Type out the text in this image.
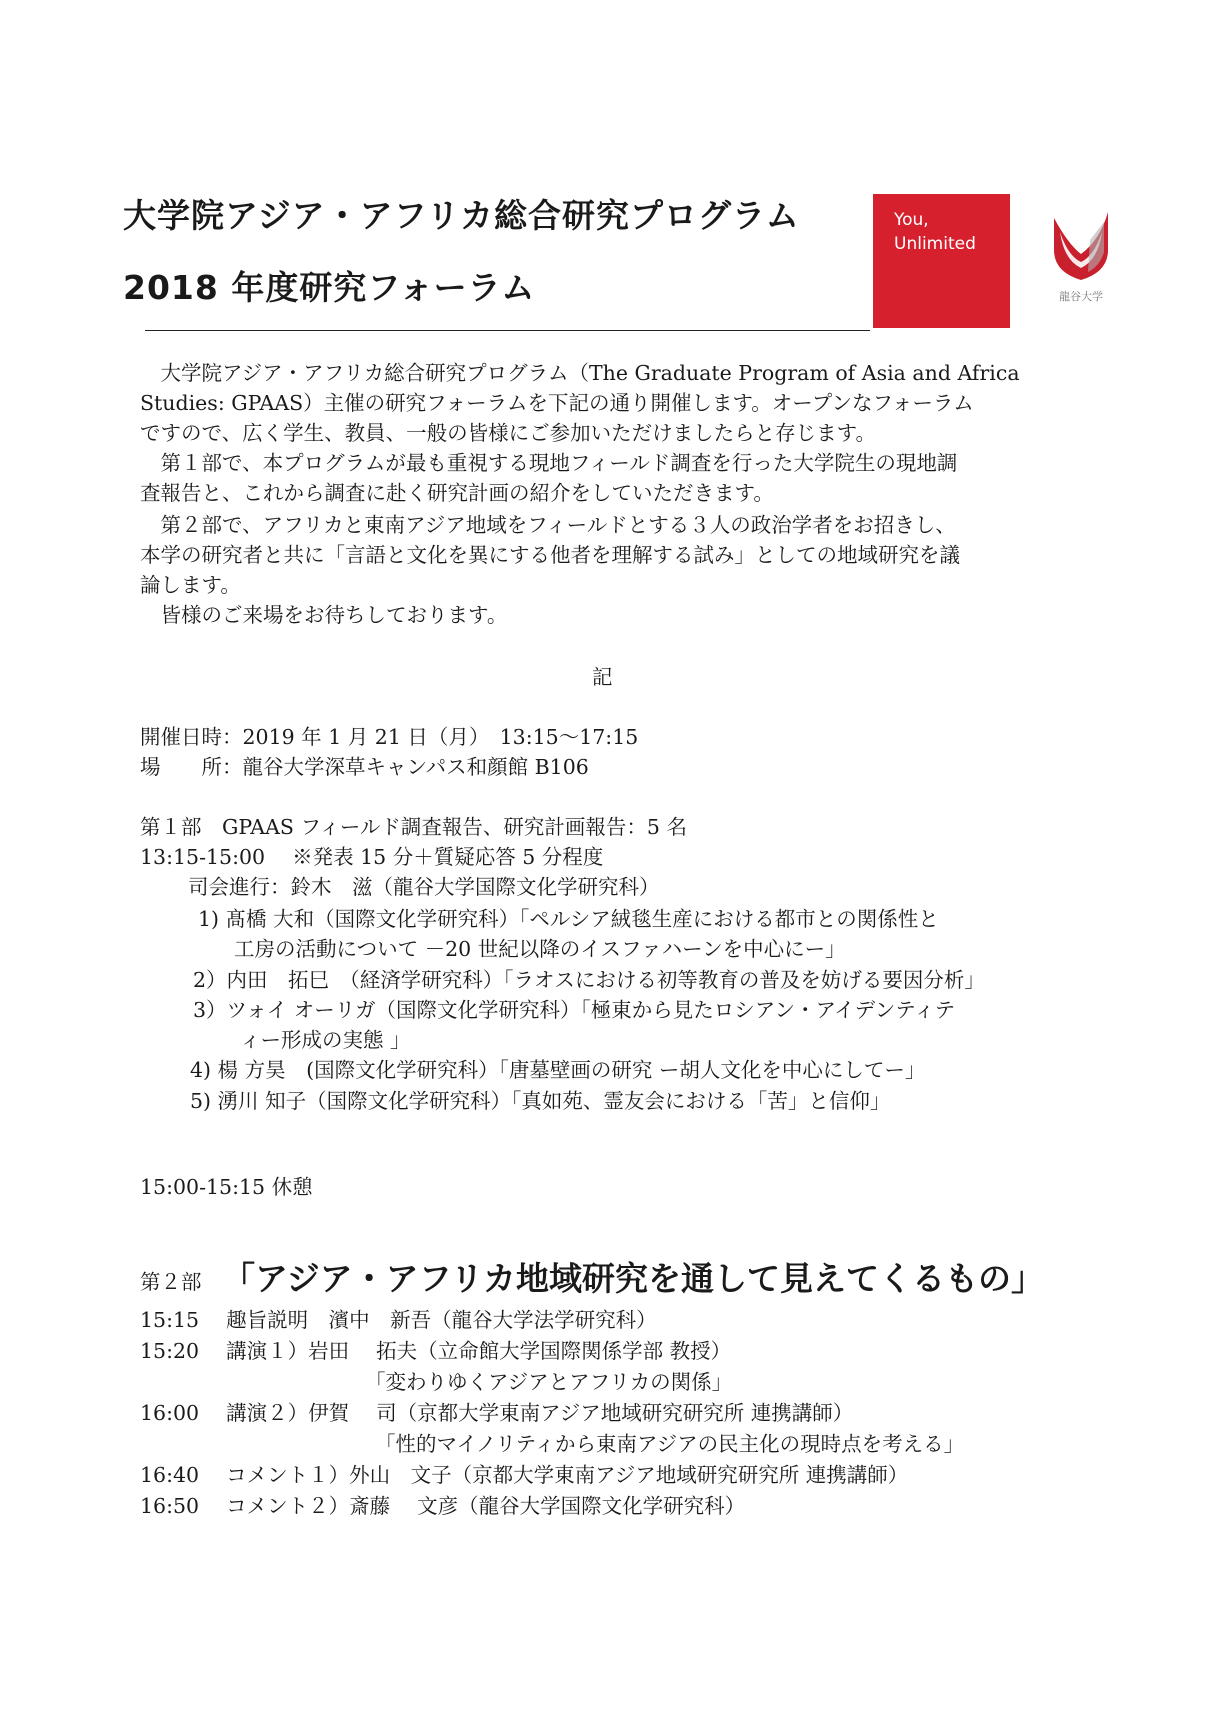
大学院アジア・アフリカ総合研究プログラム
2018 年度研究フォーラム
You,
Unlimited
龍谷大学
　大学院アジア・アフリカ総合研究プログラム（The Graduate Program of Asia and Africa
Studies: GPAAS）主催の研究フォーラムを下記の通り開催します。オープンなフォーラム
ですので、広く学生、教員、一般の皆様にご参加いただけましたらと存じます。
　第１部で、本プログラムが最も重視する現地フィールド調査を行った大学院生の現地調
査報告と、これから調査に赴く研究計画の紹介をしていただきます。
　第２部で、アフリカと東南アジア地域をフィールドとする３人の政治学者をお招きし、
本学の研究者と共に「言語と文化を異にする他者を理解する試み」としての地域研究を議
論します。
　皆様のご来場をお待ちしております。
記
開催日時：2019 年 1 月 21 日（月）　13:15～17:15
場　　所：龍谷大学深草キャンパス和顔館 B106
第１部　GPAAS フィールド調査報告、研究計画報告：5 名
13:15-15:00　 ※発表 15 分＋質疑応答 5 分程度
司会進行：鈴木　滋（龍谷大学国際文化学研究科）
1) 髙橋 大和（国際文化学研究科）「ペルシア絨毯生産における都市との関係性と
工房の活動について －20 世紀以降のイスファハーンを中心にー」
2）内田　拓巳　（経済学研究科）「ラオスにおける初等教育の普及を妨げる要因分析」
3）ツォイ オーリガ（国際文化学研究科）「極東から見たロシアン・アイデンティテ
ィー形成の実態 」
4) 楊 方昊　(国際文化学研究科）「唐墓壁画の研究 ー胡人文化を中心にしてー」
5) 湧川 知子（国際文化学研究科）「真如苑、霊友会における「苦」と信仰」
15:00-15:15 休憩
第２部 「アジア・アフリカ地域研究を通して見えてくるもの」
15:15　 趣旨説明　濱中　新吾（龍谷大学法学研究科）
15:20　 講演１）岩田　 拓夫（立命館大学国際関係学部 教授）
「変わりゆくアジアとアフリカの関係」
16:00　 講演２）伊賀　 司（京都大学東南アジア地域研究研究所 連携講師）
「性的マイノリティから東南アジアの民主化の現時点を考える」
16:40　 コメント１）外山　文子（京都大学東南アジア地域研究研究所 連携講師）
16:50　 コメント２）斎藤　 文彦（龍谷大学国際文化学研究科）
